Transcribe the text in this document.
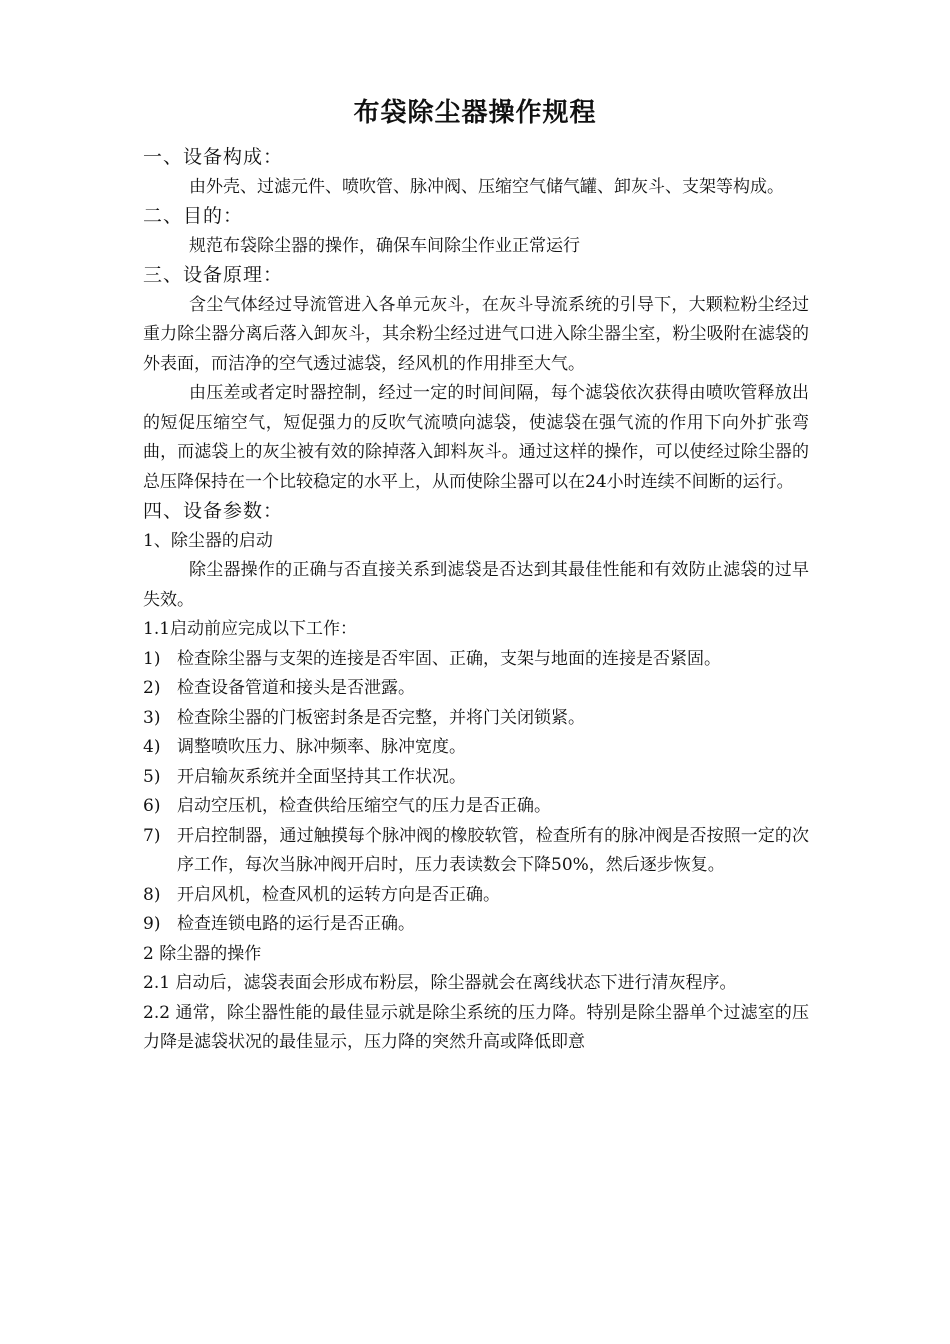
布袋除尘器操作规程

一、设备构成：

由外壳、过滤元件、喷吹管、脉冲阀、压缩空气储气罐、卸灰斗、支架等构成。

二、目的：

规范布袋除尘器的操作，确保车间除尘作业正常运行

三、设备原理：

含尘气体经过导流管进入各单元灰斗，在灰斗导流系统的引导下，大颗粒粉尘经过重力除尘器分离后落入卸灰斗，其余粉尘经过进气口进入除尘器尘室，粉尘吸附在滤袋的外表面，而洁净的空气透过滤袋，经风机的作用排至大气。

由压差或者定时器控制，经过一定的时间间隔，每个滤袋依次获得由喷吹管释放出的短促压缩空气，短促强力的反吹气流喷向滤袋，使滤袋在强气流的作用下向外扩张弯曲，而滤袋上的灰尘被有效的除掉落入卸料灰斗。通过这样的操作，可以使经过除尘器的总压降保持在一个比较稳定的水平上，从而使除尘器可以在24小时连续不间断的运行。

四、设备参数：

1、除尘器的启动

除尘器操作的正确与否直接关系到滤袋是否达到其最佳性能和有效防止滤袋的过早失效。

1.1启动前应完成以下工作：

1) 检查除尘器与支架的连接是否牢固、正确，支架与地面的连接是否紧固。
2) 检查设备管道和接头是否泄露。
3) 检查除尘器的门板密封条是否完整，并将门关闭锁紧。
4) 调整喷吹压力、脉冲频率、脉冲宽度。
5) 开启输灰系统并全面坚持其工作状况。
6) 启动空压机，检查供给压缩空气的压力是否正确。
7) 开启控制器，通过触摸每个脉冲阀的橡胶软管，检查所有的脉冲阀是否按照一定的次序工作，每次当脉冲阀开启时，压力表读数会下降50%，然后逐步恢复。
8) 开启风机，检查风机的运转方向是否正确。
9) 检查连锁电路的运行是否正确。

2 除尘器的操作

2.1 启动后，滤袋表面会形成布粉层，除尘器就会在离线状态下进行清灰程序。

2.2 通常，除尘器性能的最佳显示就是除尘系统的压力降。特别是除尘器单个过滤室的压力降是滤袋状况的最佳显示，压力降的突然升高或降低即意
